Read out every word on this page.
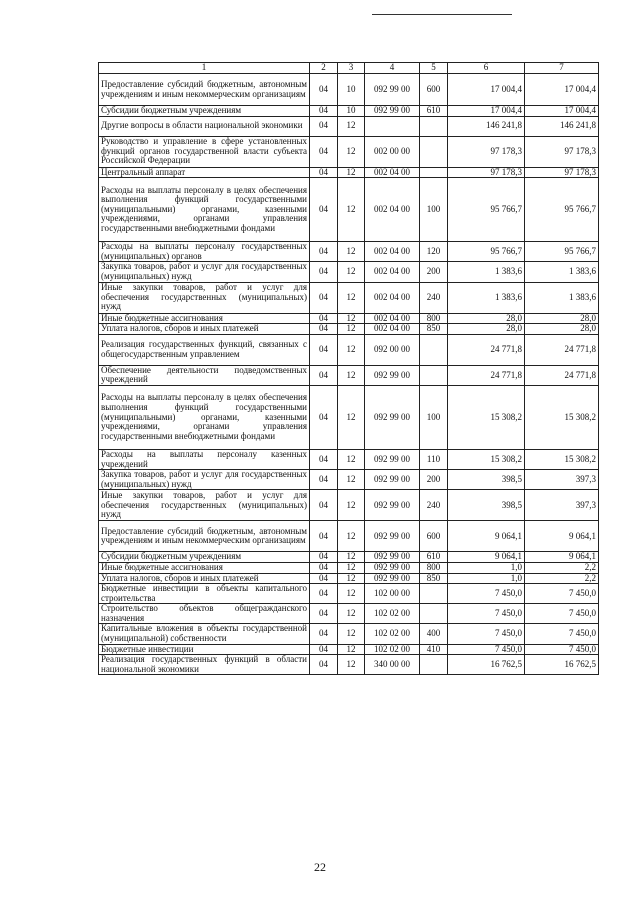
1	2	3	4	5	6	7
Предоставление субсидий бюджетным, автономным учреждениям и иным некоммерческим организациям	04	10	092 99 00	600	17 004,4	17 004,4
Субсидии бюджетным учреждениям	04	10	092 99 00	610	17 004,4	17 004,4
Другие вопросы в области национальной экономики	04	12			146 241,8	146 241,8
Руководство и управление в сфере установленных функций органов государственной власти субъекта Российской Федерации	04	12	002 00 00		97 178,3	97 178,3
Центральный аппарат	04	12	002 04 00		97 178,3	97 178,3
Расходы на выплаты персоналу в целях обеспечения выполнения функций государственными (муниципальными) органами, казенными учреждениями, органами управления государственными внебюджетными фондами	04	12	002 04 00	100	95 766,7	95 766,7
Расходы на выплаты персоналу государственных (муниципальных) органов	04	12	002 04 00	120	95 766,7	95 766,7
Закупка товаров, работ и услуг для государственных (муниципальных) нужд	04	12	002 04 00	200	1 383,6	1 383,6
Иные закупки товаров, работ и услуг для обеспечения государственных (муниципальных) нужд	04	12	002 04 00	240	1 383,6	1 383,6
Иные бюджетные ассигнования	04	12	002 04 00	800	28,0	28,0
Уплата налогов, сборов и иных платежей	04	12	002 04 00	850	28,0	28,0
Реализация государственных функций, связанных с общегосударственным управлением	04	12	092 00 00		24 771,8	24 771,8
Обеспечение деятельности подведомственных учреждений	04	12	092 99 00		24 771,8	24 771,8
Расходы на выплаты персоналу в целях обеспечения выполнения функций государственными (муниципальными) органами, казенными учреждениями, органами управления государственными внебюджетными фондами	04	12	092 99 00	100	15 308,2	15 308,2
Расходы на выплаты персоналу казенных учреждений	04	12	092 99 00	110	15 308,2	15 308,2
Закупка товаров, работ и услуг для государственных (муниципальных) нужд	04	12	092 99 00	200	398,5	397,3
Иные закупки товаров, работ и услуг для обеспечения государственных (муниципальных) нужд	04	12	092 99 00	240	398,5	397,3
Предоставление субсидий бюджетным, автономным учреждениям и иным некоммерческим организациям	04	12	092 99 00	600	9 064,1	9 064,1
Субсидии бюджетным учреждениям	04	12	092 99 00	610	9 064,1	9 064,1
Иные бюджетные ассигнования	04	12	092 99 00	800	1,0	2,2
Уплата налогов, сборов и иных платежей	04	12	092 99 00	850	1,0	2,2
Бюджетные инвестиции в объекты капитального строительства	04	12	102 00 00		7 450,0	7 450,0
Строительство объектов общегражданского назначения	04	12	102 02 00		7 450,0	7 450,0
Капитальные вложения в объекты государственной (муниципальной) собственности	04	12	102 02 00	400	7 450,0	7 450,0
Бюджетные инвестиции	04	12	102 02 00	410	7 450,0	7 450,0
Реализация государственных функций в области национальной экономики	04	12	340 00 00		16 762,5	16 762,5
22
